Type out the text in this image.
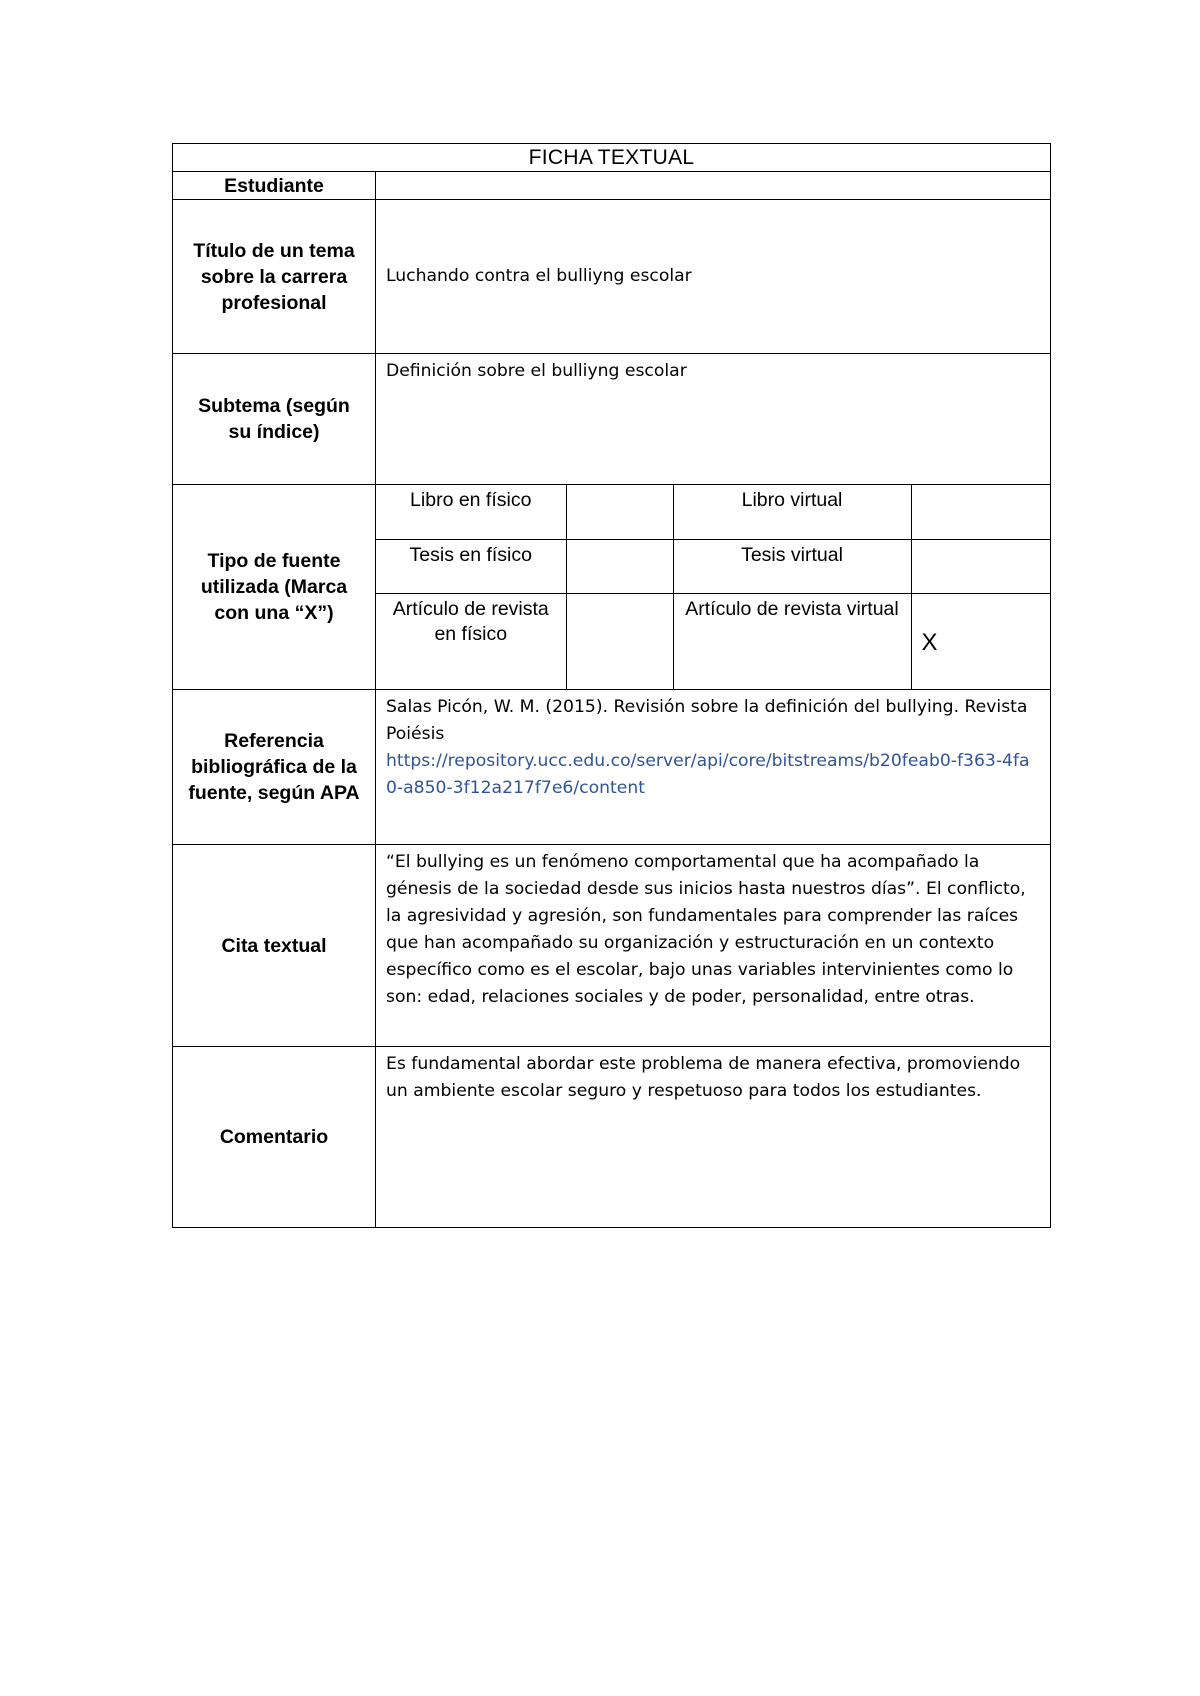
FICHA TEXTUAL
Estudiante	
Título de un tema sobre la carrera profesional	Luchando contra el bulliyng escolar
Subtema (según su índice)	Definición sobre el bulliyng escolar
Tipo de fuente utilizada (Marca con una “X”)	
Libro en físico		Libro virtual	
Tesis en físico		Tesis virtual	
Artículo de revista en físico		Artículo de revista virtual	X

Referencia bibliográfica de la fuente, según APA	Salas Picón, W. M. (2015). Revisión sobre la definición del bullying. Revista Poiésis
https://repository.ucc.edu.co/server/api/core/bitstreams/b20feab0-f363-4fa0-a850-3f12a217f7e6/content
Cita textual	“El bullying es un fenómeno comportamental que ha acompañado la génesis de la sociedad desde sus inicios hasta nuestros días”. El conflicto, la agresividad y agresión, son fundamentales para comprender las raíces que han acompañado su organización y estructuración en un contexto específico como es el escolar, bajo unas variables intervinientes como lo son: edad, relaciones sociales y de poder, personalidad, entre otras.
Comentario	Es fundamental abordar este problema de manera efectiva, promoviendo un ambiente escolar seguro y respetuoso para todos los estudiantes.
